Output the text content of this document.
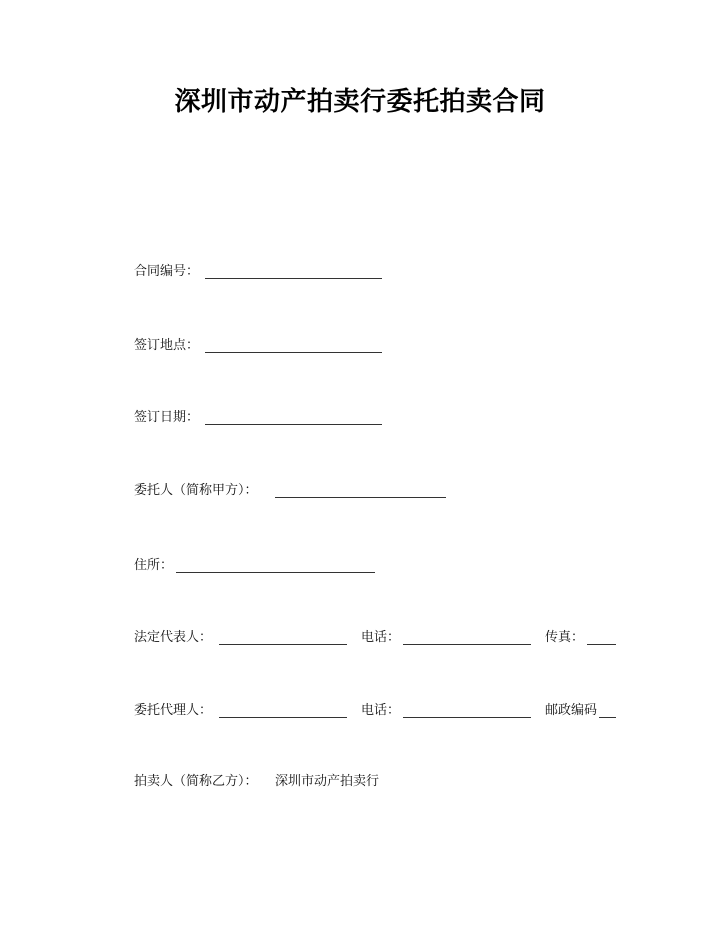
深圳市动产拍卖行委托拍卖合同
合同编号：
签订地点：
签订日期：
委托人（简称甲方）：
住所：
法定代表人：	电话：	传真：
委托代理人：	电话：	邮政编码
拍卖人（简称乙方）： 深圳市动产拍卖行
